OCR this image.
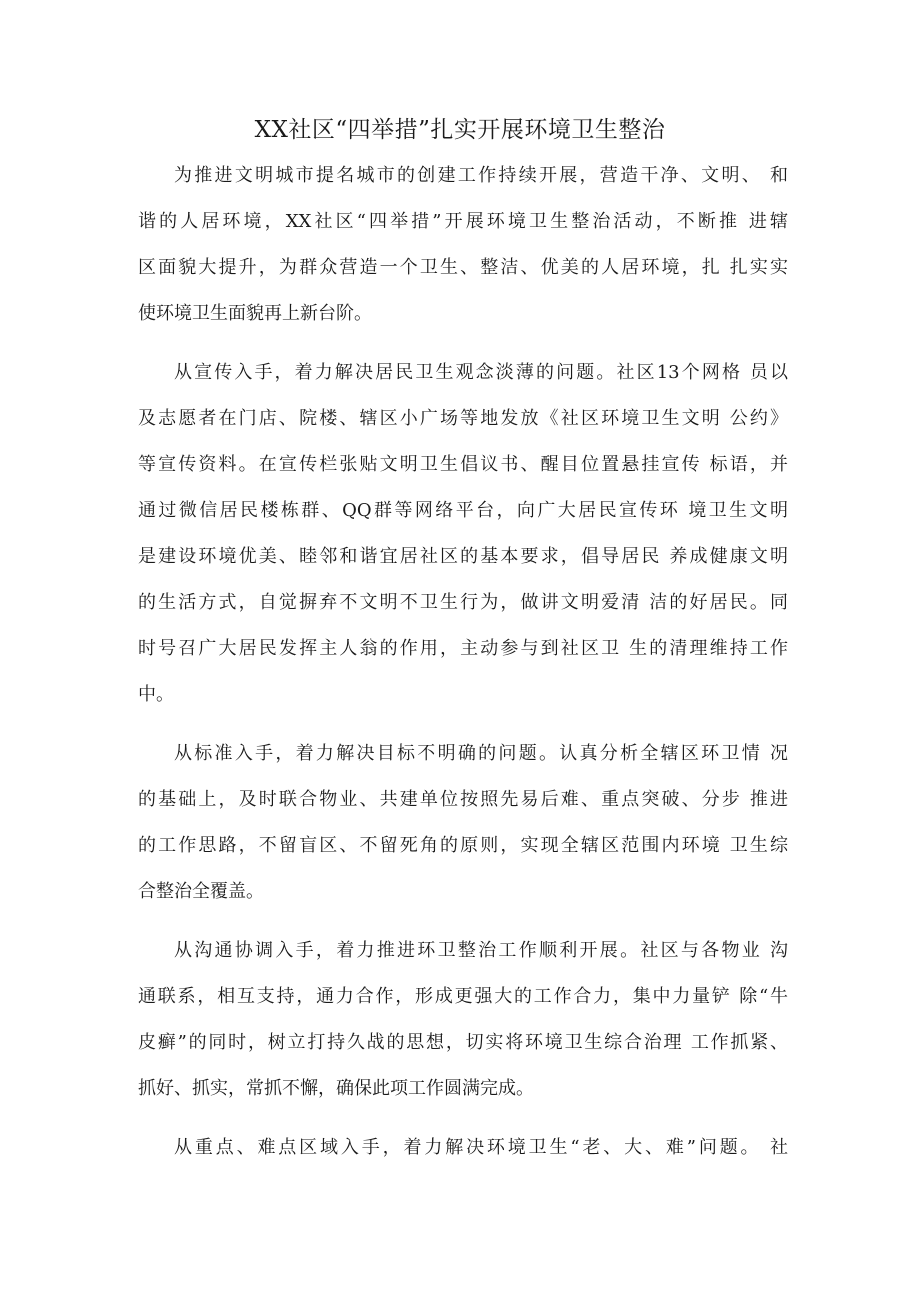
XX社区“四举措”扎实开展环境卫生整治
为推进文明城市提名城市的创建工作持续开展，营造干净、文明、 和
谐的人居环境，XX社区“四举措”开展环境卫生整治活动，不断推 进辖
区面貌大提升，为群众营造一个卫生、整洁、优美的人居环境，扎 扎实实
使环境卫生面貌再上新台阶。
从宣传入手，着力解决居民卫生观念淡薄的问题。社区13个网格 员以
及志愿者在门店、院楼、辖区小广场等地发放《社区环境卫生文明 公约》
等宣传资料。在宣传栏张贴文明卫生倡议书、醒目位置悬挂宣传 标语，并
通过微信居民楼栋群、QQ群等网络平台，向广大居民宣传环 境卫生文明
是建设环境优美、睦邻和谐宜居社区的基本要求，倡导居民 养成健康文明
的生活方式，自觉摒弃不文明不卫生行为，做讲文明爱清 洁的好居民。同
时号召广大居民发挥主人翁的作用，主动参与到社区卫 生的清理维持工作
中。
从标准入手，着力解决目标不明确的问题。认真分析全辖区环卫情 况
的基础上，及时联合物业、共建单位按照先易后难、重点突破、分步 推进
的工作思路，不留盲区、不留死角的原则，实现全辖区范围内环境 卫生综
合整治全覆盖。
从沟通协调入手，着力推进环卫整治工作顺利开展。社区与各物业 沟
通联系，相互支持，通力合作，形成更强大的工作合力，集中力量铲 除“牛
皮癣”的同时，树立打持久战的思想，切实将环境卫生综合治理 工作抓紧、
抓好、抓实，常抓不懈，确保此项工作圆满完成。
从重点、难点区域入手，着力解决环境卫生“老、大、难”问题。 社
